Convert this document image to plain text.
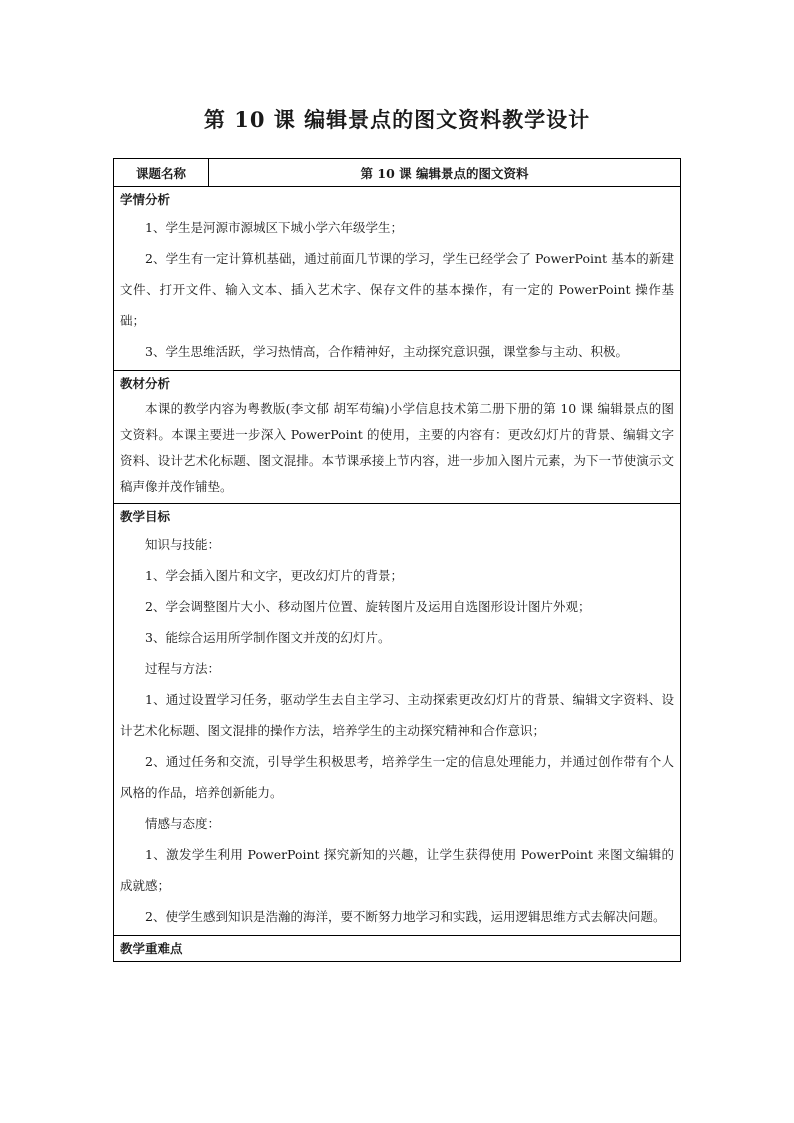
第 10 课 编辑景点的图文资料教学设计
课题名称	第 10 课 编辑景点的图文资料

学情分析

1、学生是河源市源城区下城小学六年级学生；

2、学生有一定计算机基础，通过前面几节课的学习，学生已经学会了 PowerPoint 基本的新建文件、打开文件、输入文本、插入艺术字、保存文件的基本操作，有一定的 PowerPoint 操作基础；

3、学生思维活跃，学习热情高，合作精神好，主动探究意识强，课堂参与主动、积极。

教材分析

本课的教学内容为粤教版(李文郁 胡军苟编)小学信息技术第二册下册的第 10 课 编辑景点的图文资料。本课主要进一步深入 PowerPoint 的使用，主要的内容有：更改幻灯片的背景、编辑文字资料、设计艺术化标题、图文混排。本节课承接上节内容，进一步加入图片元素，为下一节使演示文稿声像并茂作铺垫。

教学目标

知识与技能：

1、学会插入图片和文字，更改幻灯片的背景；

2、学会调整图片大小、移动图片位置、旋转图片及运用自选图形设计图片外观；

3、能综合运用所学制作图文并茂的幻灯片。

过程与方法：

1、通过设置学习任务，驱动学生去自主学习、主动探索更改幻灯片的背景、编辑文字资料、设计艺术化标题、图文混排的操作方法，培养学生的主动探究精神和合作意识；

2、通过任务和交流，引导学生积极思考，培养学生一定的信息处理能力，并通过创作带有个人风格的作品，培养创新能力。

情感与态度：

1、激发学生利用 PowerPoint 探究新知的兴趣，让学生获得使用 PowerPoint 来图文编辑的成就感；

2、使学生感到知识是浩瀚的海洋，要不断努力地学习和实践，运用逻辑思维方式去解决问题。

教学重难点
